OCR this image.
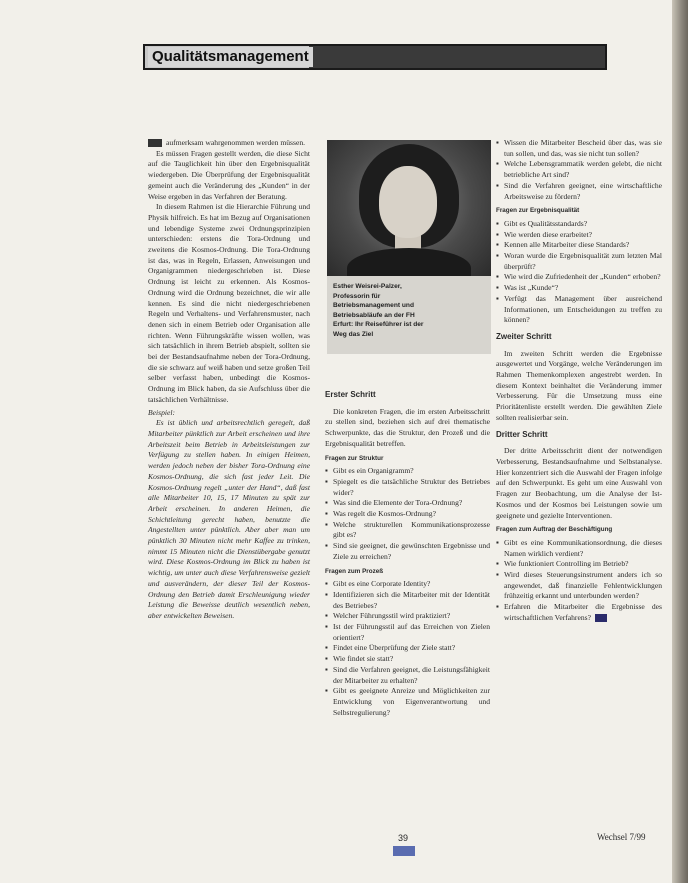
Qualitätsmanagement

aufmerksam wahrgenommen werden müssen.

Es müssen Fragen gestellt werden, die diese Sicht auf die Tauglichkeit hin über den Ergebnisqualität wiedergeben. Die Überprüfung der Ergebnisqualität gemeint auch die Veränderung des „Kunden“ in der Weise ergeben in das Verfahren der Beratung.

In diesem Rahmen ist die Hierarchie Führung und Physik hilfreich. Es hat im Bezug auf Organisationen und lebendige Systeme zwei Ordnungsprinzipien unterschieden: erstens die Tora-Ordnung und zweitens die Kosmos-Ordnung. Die Tora-Ordnung ist das, was in Regeln, Erlassen, Anweisungen und Organigrammen niedergeschrieben ist. Diese Ordnung ist leicht zu erkennen. Als Kosmos-Ordnung wird die Ordnung bezeichnet, die wir alle kennen. Es sind die nicht niedergeschriebenen Regeln und Verhaltens- und Verfahrensmuster, nach denen sich in einem Betrieb oder Organisation alle richten. Wenn Führungskräfte wissen wollen, was sich tatsächlich in ihrem Betrieb abspielt, sollten sie bei der Bestandsaufnahme neben der Tora-Ordnung, die sie schwarz auf weiß haben und setze großen Teil selber verfasst haben, unbedingt die Kosmos-Ordnung im Blick haben, da sie Aufschluss über die tatsächlichen Verhältnisse.

Beispiel:

Es ist üblich und arbeitsrechtlich geregelt, daß Mitarbeiter pünktlich zur Arbeit erscheinen und ihre Arbeitszeit beim Betrieb in Arbeitsleistungen zur Verfügung zu stellen haben. In einigen Heimen, werden jedoch neben der bisher Tora-Ordnung eine Kosmos-Ordnung, die sich fast jeder Leit. Die Kosmos-Ordnung regelt „unter der Hand“, daß fast alle Mitarbeiter 10, 15, 17 Minuten zu spät zur Arbeit erscheinen. In anderen Heimen, die Schichtleitung gerecht haben, benutzte die Angestellten unter pünktlich. Aber aber man um pünktlich 30 Minuten nicht mehr Kaffee zu trinken, nimmt 15 Minuten nicht die Dienstübergabe genutzt wird. Diese Kosmos-Ordnung im Blick zu haben ist wichtig, um unter auch diese Verfahrensweise gezielt und ausverändern, der dieser Teil der Kosmos-Ordnung den Betrieb damit Erschleunigung wieder Leistung die Beweisse deutlich wesentlich neben, aber entwickelten Beweisen.

Esther Weisrei-Palzer, Professorin für Betriebsmanagement und Betriebsabläufe an der FH Erfurt: Ihr Reiseführer ist der Weg das Ziel
Erster Schritt

Die konkreten Fragen, die im ersten Arbeitsschritt zu stellen sind, beziehen sich auf drei thematische Schwerpunkte, das die Struktur, den Prozeß und die Ergebnisqualität betreffen.

Fragen zur Struktur
▪ Gibt es ein Organigramm?
▪ Spiegelt es die tatsächliche Struktur des Betriebes wider?
▪ Was sind die Elemente der Tora-Ordnung?
▪ Was regelt die Kosmos-Ordnung?
▪ Welche strukturellen Kommunikationsprozesse gibt es?
▪ Sind sie geeignet, die gewünschten Ergebnisse und Ziele zu erreichen?
Fragen zum Prozeß
▪ Gibt es eine Corporate Identity?
▪ Identifizieren sich die Mitarbeiter mit der Identität des Betriebes?
▪ Welcher Führungsstil wird praktiziert?
▪ Ist der Führungsstil auf das Erreichen von Zielen orientiert?
▪ Findet eine Überprüfung der Ziele statt?
▪ Wie findet sie statt?
▪ Sind die Verfahren geeignet, die Leistungsfähigkeit der Mitarbeiter zu erhalten?
▪ Gibt es geeignete Anreize und Möglichkeiten zur Entwicklung von Eigenverantwortung und Selbstregulierung?
▪ Wissen die Mitarbeiter Bescheid über das, was sie tun sollen, und das, was sie nicht tun sollen?
▪ Welche Lebensgrammatik werden gelebt, die nicht betriebliche Art sind?
▪ Sind die Verfahren geeignet, eine wirtschaftliche Arbeitsweise zu fördern?
Fragen zur Ergebnisqualität
▪ Gibt es Qualitätsstandards?
▪ Wie werden diese erarbeitet?
▪ Kennen alle Mitarbeiter diese Standards?
▪ Woran wurde die Ergebnisqualität zum letzten Mal überprüft?
▪ Wie wird die Zufriedenheit der „Kunden“ erhoben?
▪ Was ist „Kunde“?
▪ Verfügt das Management über ausreichend Informationen, um Entscheidungen zu treffen zu können?
Zweiter Schritt

Im zweiten Schritt werden die Ergebnisse ausgewertet und Vorgänge, welche Veränderungen im Rahmen Themenkomplexen angestrebt werden. In diesem Kontext beinhaltet die Veränderung immer Verbesserung. Für die Umsetzung muss eine Prioritätenliste erstellt werden. Die gewählten Ziele sollten realisierbar sein.

Dritter Schritt

Der dritte Arbeitsschritt dient der notwendigen Verbesserung, Bestandsaufnahme und Selbstanalyse. Hier konzentriert sich die Auswahl der Fragen infolge auf den Schwerpunkt. Es geht um eine Auswahl von Fragen zur Beobachtung, um die Analyse der Ist-Kosmos und der Kosmos bei Leistungen sowie um geeignete und gezielte Interventionen.

Fragen zum Auftrag der Beschäftigung
▪ Gibt es eine Kommunikationsordnung, die dieses Namen wirklich verdient?
▪ Wie funktioniert Controlling im Betrieb?
▪ Wird dieses Steuerungsinstrument anders ich so angewendet, daß finanzielle Fehlentwicklungen frühzeitig erkannt und unterbunden werden?
▪ Erfahren die Mitarbeiter die Ergebnisse des wirtschaftlichen Verfahrens?
39	Wechsel 7/99
